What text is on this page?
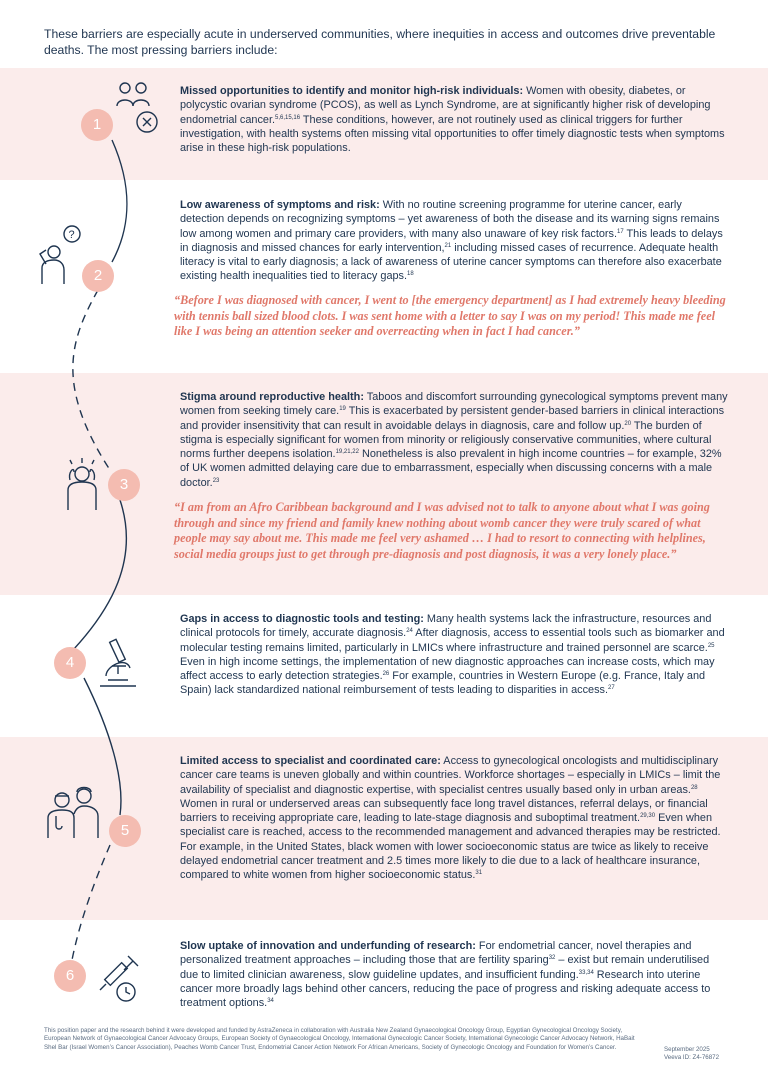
These barriers are especially acute in underserved communities, where inequities in access and outcomes drive preventable deaths. The most pressing barriers include:
1
2
3
4
5
6
?
Missed opportunities to identify and monitor high-risk individuals: Women with obesity, diabetes, or polycystic ovarian syndrome (PCOS), as well as Lynch Syndrome, are at significantly higher risk of developing endometrial cancer.$^{5,6,15,16}$ These conditions, however, are not routinely used as clinical triggers for further investigation, with health systems often missing vital opportunities to offer timely diagnostic tests when symptoms arise in these high-risk populations.
Low awareness of symptoms and risk: With no routine screening programme for uterine cancer, early detection depends on recognizing symptoms – yet awareness of both the disease and its warning signs remains low among women and primary care providers, with many also unaware of key risk factors.$^{17}$ This leads to delays in diagnosis and missed chances for early intervention,$^{21}$ including missed cases of recurrence. Adequate health literacy is vital to early diagnosis; a lack of awareness of uterine cancer symptoms can therefore also exacerbate existing health inequalities tied to literacy gaps.$^{18}$
“Before I was diagnosed with cancer, I went to [the emergency department] as I had extremely heavy bleeding with tennis ball sized blood clots. I was sent home with a letter to say I was on my period! This made me feel like I was being an attention seeker and overreacting when in fact I had cancer.”
Stigma around reproductive health: Taboos and discomfort surrounding gynecological symptoms prevent many women from seeking timely care.$^{19}$ This is exacerbated by persistent gender-based barriers in clinical interactions and provider insensitivity that can result in avoidable delays in diagnosis, care and follow up.$^{20}$ The burden of stigma is especially significant for women from minority or religiously conservative communities, where cultural norms further deepens isolation.$^{19,21,22}$ Nonetheless is also prevalent in high income countries – for example, 32% of UK women admitted delaying care due to embarrassment, especially when discussing concerns with a male doctor.$^{23}$
“I am from an Afro Caribbean background and I was advised not to talk to anyone about what I was going through and since my friend and family knew nothing about womb cancer they were truly scared of what people may say about me. This made me feel very ashamed … I had to resort to connecting with helplines, social media groups just to get through pre-diagnosis and post diagnosis, it was a very lonely place.”
Gaps in access to diagnostic tools and testing: Many health systems lack the infrastructure, resources and clinical protocols for timely, accurate diagnosis.$^{24}$ After diagnosis, access to essential tools such as biomarker and molecular testing remains limited, particularly in LMICs where infrastructure and trained personnel are scarce.$^{25}$ Even in high income settings, the implementation of new diagnostic approaches can increase costs, which may affect access to early detection strategies.$^{26}$ For example, countries in Western Europe (e.g. France, Italy and Spain) lack standardized national reimbursement of tests leading to disparities in access.$^{27}$
Limited access to specialist and coordinated care: Access to gynecological oncologists and multidisciplinary cancer care teams is uneven globally and within countries. Workforce shortages – especially in LMICs – limit the availability of specialist and diagnostic expertise, with specialist centres usually based only in urban areas.$^{28}$ Women in rural or underserved areas can subsequently face long travel distances, referral delays, or financial barriers to receiving appropriate care, leading to late-stage diagnosis and suboptimal treatment.$^{29,30}$ Even when specialist care is reached, access to the recommended management and advanced therapies may be restricted. For example, in the United States, black women with lower socioeconomic status are twice as likely to receive delayed endometrial cancer treatment and 2.5 times more likely to die due to a lack of healthcare insurance, compared to white women from higher socioeconomic status.$^{31}$
Slow uptake of innovation and underfunding of research: For endometrial cancer, novel therapies and personalized treatment approaches – including those that are fertility sparing$^{32}$ – exist but remain underutilised due to limited clinician awareness, slow guideline updates, and insufficient funding.$^{33,34}$ Research into uterine cancer more broadly lags behind other cancers, reducing the pace of progress and risking adequate access to treatment options.$^{34}$
This position paper and the research behind it were developed and funded by AstraZeneca in collaboration with Australia New Zealand Gynaecological Oncology Group, Egyptian Gynecological Oncology Society, European Network of Gynaecological Cancer Advocacy Groups, European Society of Gynaecological Oncology, International Gynecologic Cancer Society, International Gynecologic Cancer Advocacy Network, HaBait Shel Bar (Israel Women’s Cancer Association), Peaches Womb Cancer Trust, Endometrial Cancer Action Network For African Americans, Society of Gynecologic Oncology and Foundation for Women’s Cancer.	September 2025
Veeva ID: Z4-76872
